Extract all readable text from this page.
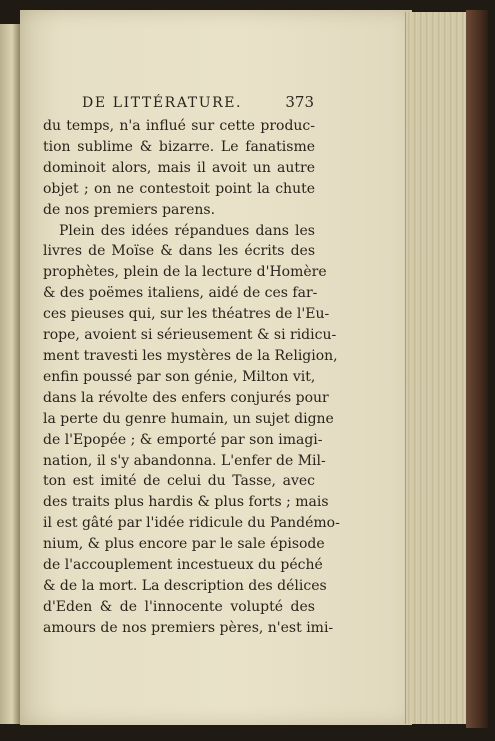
DE LITTÉRATURE.	373
du temps, n'a influé sur cette produc-
tion sublime & bizarre. Le fanatisme
dominoit alors, mais il avoit un autre
objet ; on ne contestoit point la chute
de nos premiers parens.
Plein des idées répandues dans les
livres de Moïse & dans les écrits des
prophètes, plein de la lecture d'Homère
& des poëmes italiens, aidé de ces far-
ces pieuses qui, sur les théatres de l'Eu-
rope, avoient si sérieusement & si ridicu-
ment travesti les mystères de la Religion,
enfin poussé par son génie, Milton vit,
dans la révolte des enfers conjurés pour
la perte du genre humain, un sujet digne
de l'Epopée ; & emporté par son imagi-
nation, il s'y abandonna. L'enfer de Mil-
ton est imité de celui du Tasse, avec
des traits plus hardis & plus forts ; mais
il est gâté par l'idée ridicule du Pandémo-
nium, & plus encore par le sale épisode
de l'accouplement incestueux du péché
& de la mort. La description des délices
d'Eden & de l'innocente volupté des
amours de nos premiers pères, n'est imi-
